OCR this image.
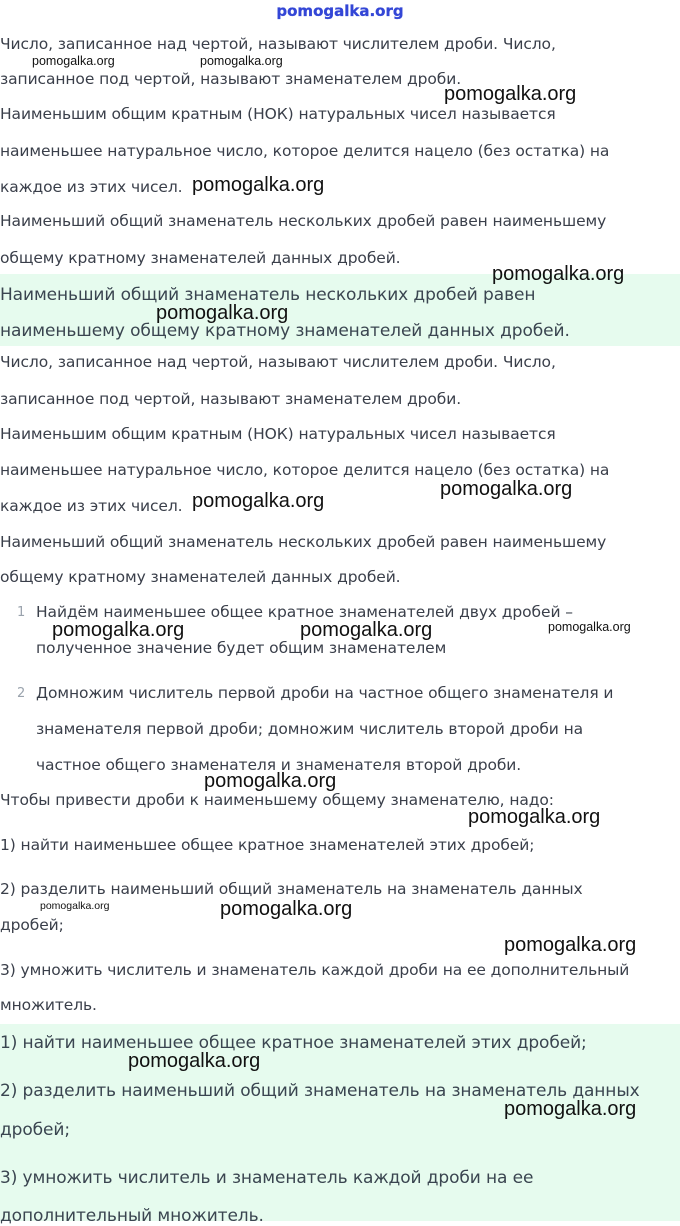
pomogalka.org
Число, записанное над чертой, называют числителем дроби. Число,
записанное под чертой, называют знаменателем дроби.
Наименьшим общим кратным (НОК) натуральных чисел называется
наименьшее натуральное число, которое делится нацело (без остатка) на
каждое из этих чисел.
Наименьший общий знаменатель нескольких дробей равен наименьшему
общему кратному знаменателей данных дробей.
Наименьший общий знаменатель нескольких дробей равен
наименьшему общему кратному знаменателей данных дробей.
Число, записанное над чертой, называют числителем дроби. Число,
записанное под чертой, называют знаменателем дроби.
Наименьшим общим кратным (НОК) натуральных чисел называется
наименьшее натуральное число, которое делится нацело (без остатка) на
каждое из этих чисел.
Наименьший общий знаменатель нескольких дробей равен наименьшему
общему кратному знаменателей данных дробей.
1 Найдём наименьшее общее кратное знаменателей двух дробей –
полученное значение будет общим знаменателем
2 Домножим числитель первой дроби на частное общего знаменателя и
знаменателя первой дроби; домножим числитель второй дроби на
частное общего знаменателя и знаменателя второй дроби.
Чтобы привести дроби к наименьшему общему знаменателю, надо:
1) найти наименьшее общее кратное знаменателей этих дробей;
2) разделить наименьший общий знаменатель на знаменатель данных
дробей;
3) умножить числитель и знаменатель каждой дроби на ее дополнительный
множитель.
1) найти наименьшее общее кратное знаменателей этих дробей;
2) разделить наименьший общий знаменатель на знаменатель данных
дробей;
3) умножить числитель и знаменатель каждой дроби на ее
дополнительный множитель.
pomogalka.org	pomogalka.org
pomogalka.org
pomogalka.org
pomogalka.org
pomogalka.org
pomogalka.org
pomogalka.org
pomogalka.org	pomogalka.org	pomogalka.org
pomogalka.org
pomogalka.org
pomogalka.org	pomogalka.org
pomogalka.org
pomogalka.org
pomogalka.org
